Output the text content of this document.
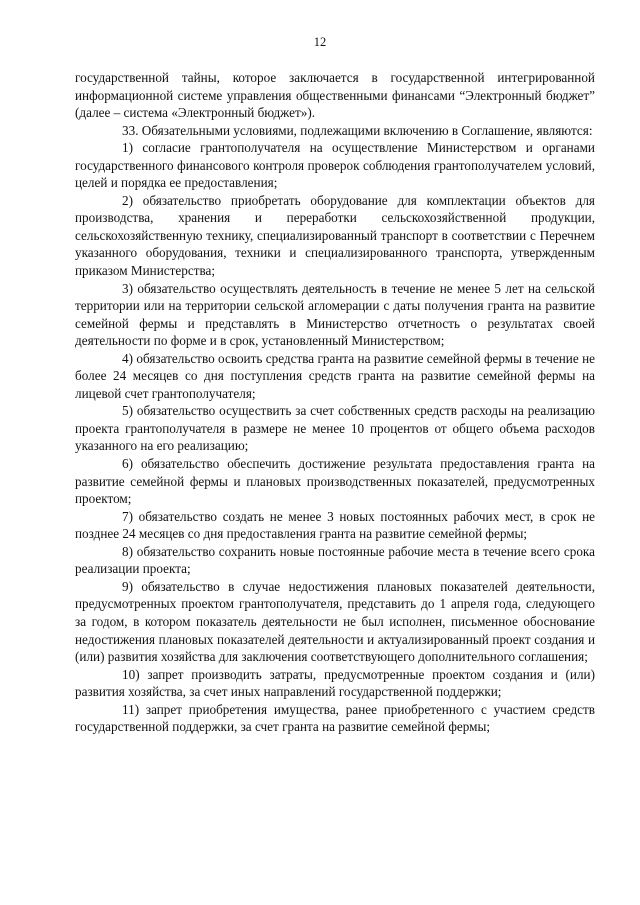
12

государственной тайны, которое заключается в государственной интегрированной информационной системе управления общественными финансами “Электронный бюджет” (далее – система «Электронный бюджет»).

33. Обязательными условиями, подлежащими включению в Соглашение, являются:

1) согласие грантополучателя на осуществление Министерством и органами государственного финансового контроля проверок соблюдения грантополучателем условий, целей и порядка ее предоставления;

2) обязательство приобретать оборудование для комплектации объектов для производства, хранения и переработки сельскохозяйственной продукции, сельскохозяйственную технику, специализированный транспорт в соответствии с Перечнем указанного оборудования, техники и специализированного транспорта, утвержденным приказом Министерства;

3) обязательство осуществлять деятельность в течение не менее 5 лет на сельской территории или на территории сельской агломерации с даты получения гранта на развитие семейной фермы и представлять в Министерство отчетность о результатах своей деятельности по форме и в срок, установленный Министерством;

4) обязательство освоить средства гранта на развитие семейной фермы в течение не более 24 месяцев со дня поступления средств гранта на развитие семейной фермы на лицевой счет грантополучателя;

5) обязательство осуществить за счет собственных средств расходы на реализацию проекта грантополучателя в размере не менее 10 процентов от общего объема расходов указанного на его реализацию;

6) обязательство обеспечить достижение результата предоставления гранта на развитие семейной фермы и плановых производственных показателей, предусмотренных проектом;

7) обязательство создать не менее 3 новых постоянных рабочих мест, в срок не позднее 24 месяцев со дня предоставления гранта на развитие семейной фермы;

8) обязательство сохранить новые постоянные рабочие места в течение всего срока реализации проекта;

9) обязательство в случае недостижения плановых показателей деятельности, предусмотренных проектом грантополучателя, представить до 1 апреля года, следующего за годом, в котором показатель деятельности не был исполнен, письменное обоснование недостижения плановых показателей деятельности и актуализированный проект создания и (или) развития хозяйства для заключения соответствующего дополнительного соглашения;

10) запрет производить затраты, предусмотренные проектом создания и (или) развития хозяйства, за счет иных направлений государственной поддержки;

11) запрет приобретения имущества, ранее приобретенного с участием средств государственной поддержки, за счет гранта на развитие семейной фермы;
